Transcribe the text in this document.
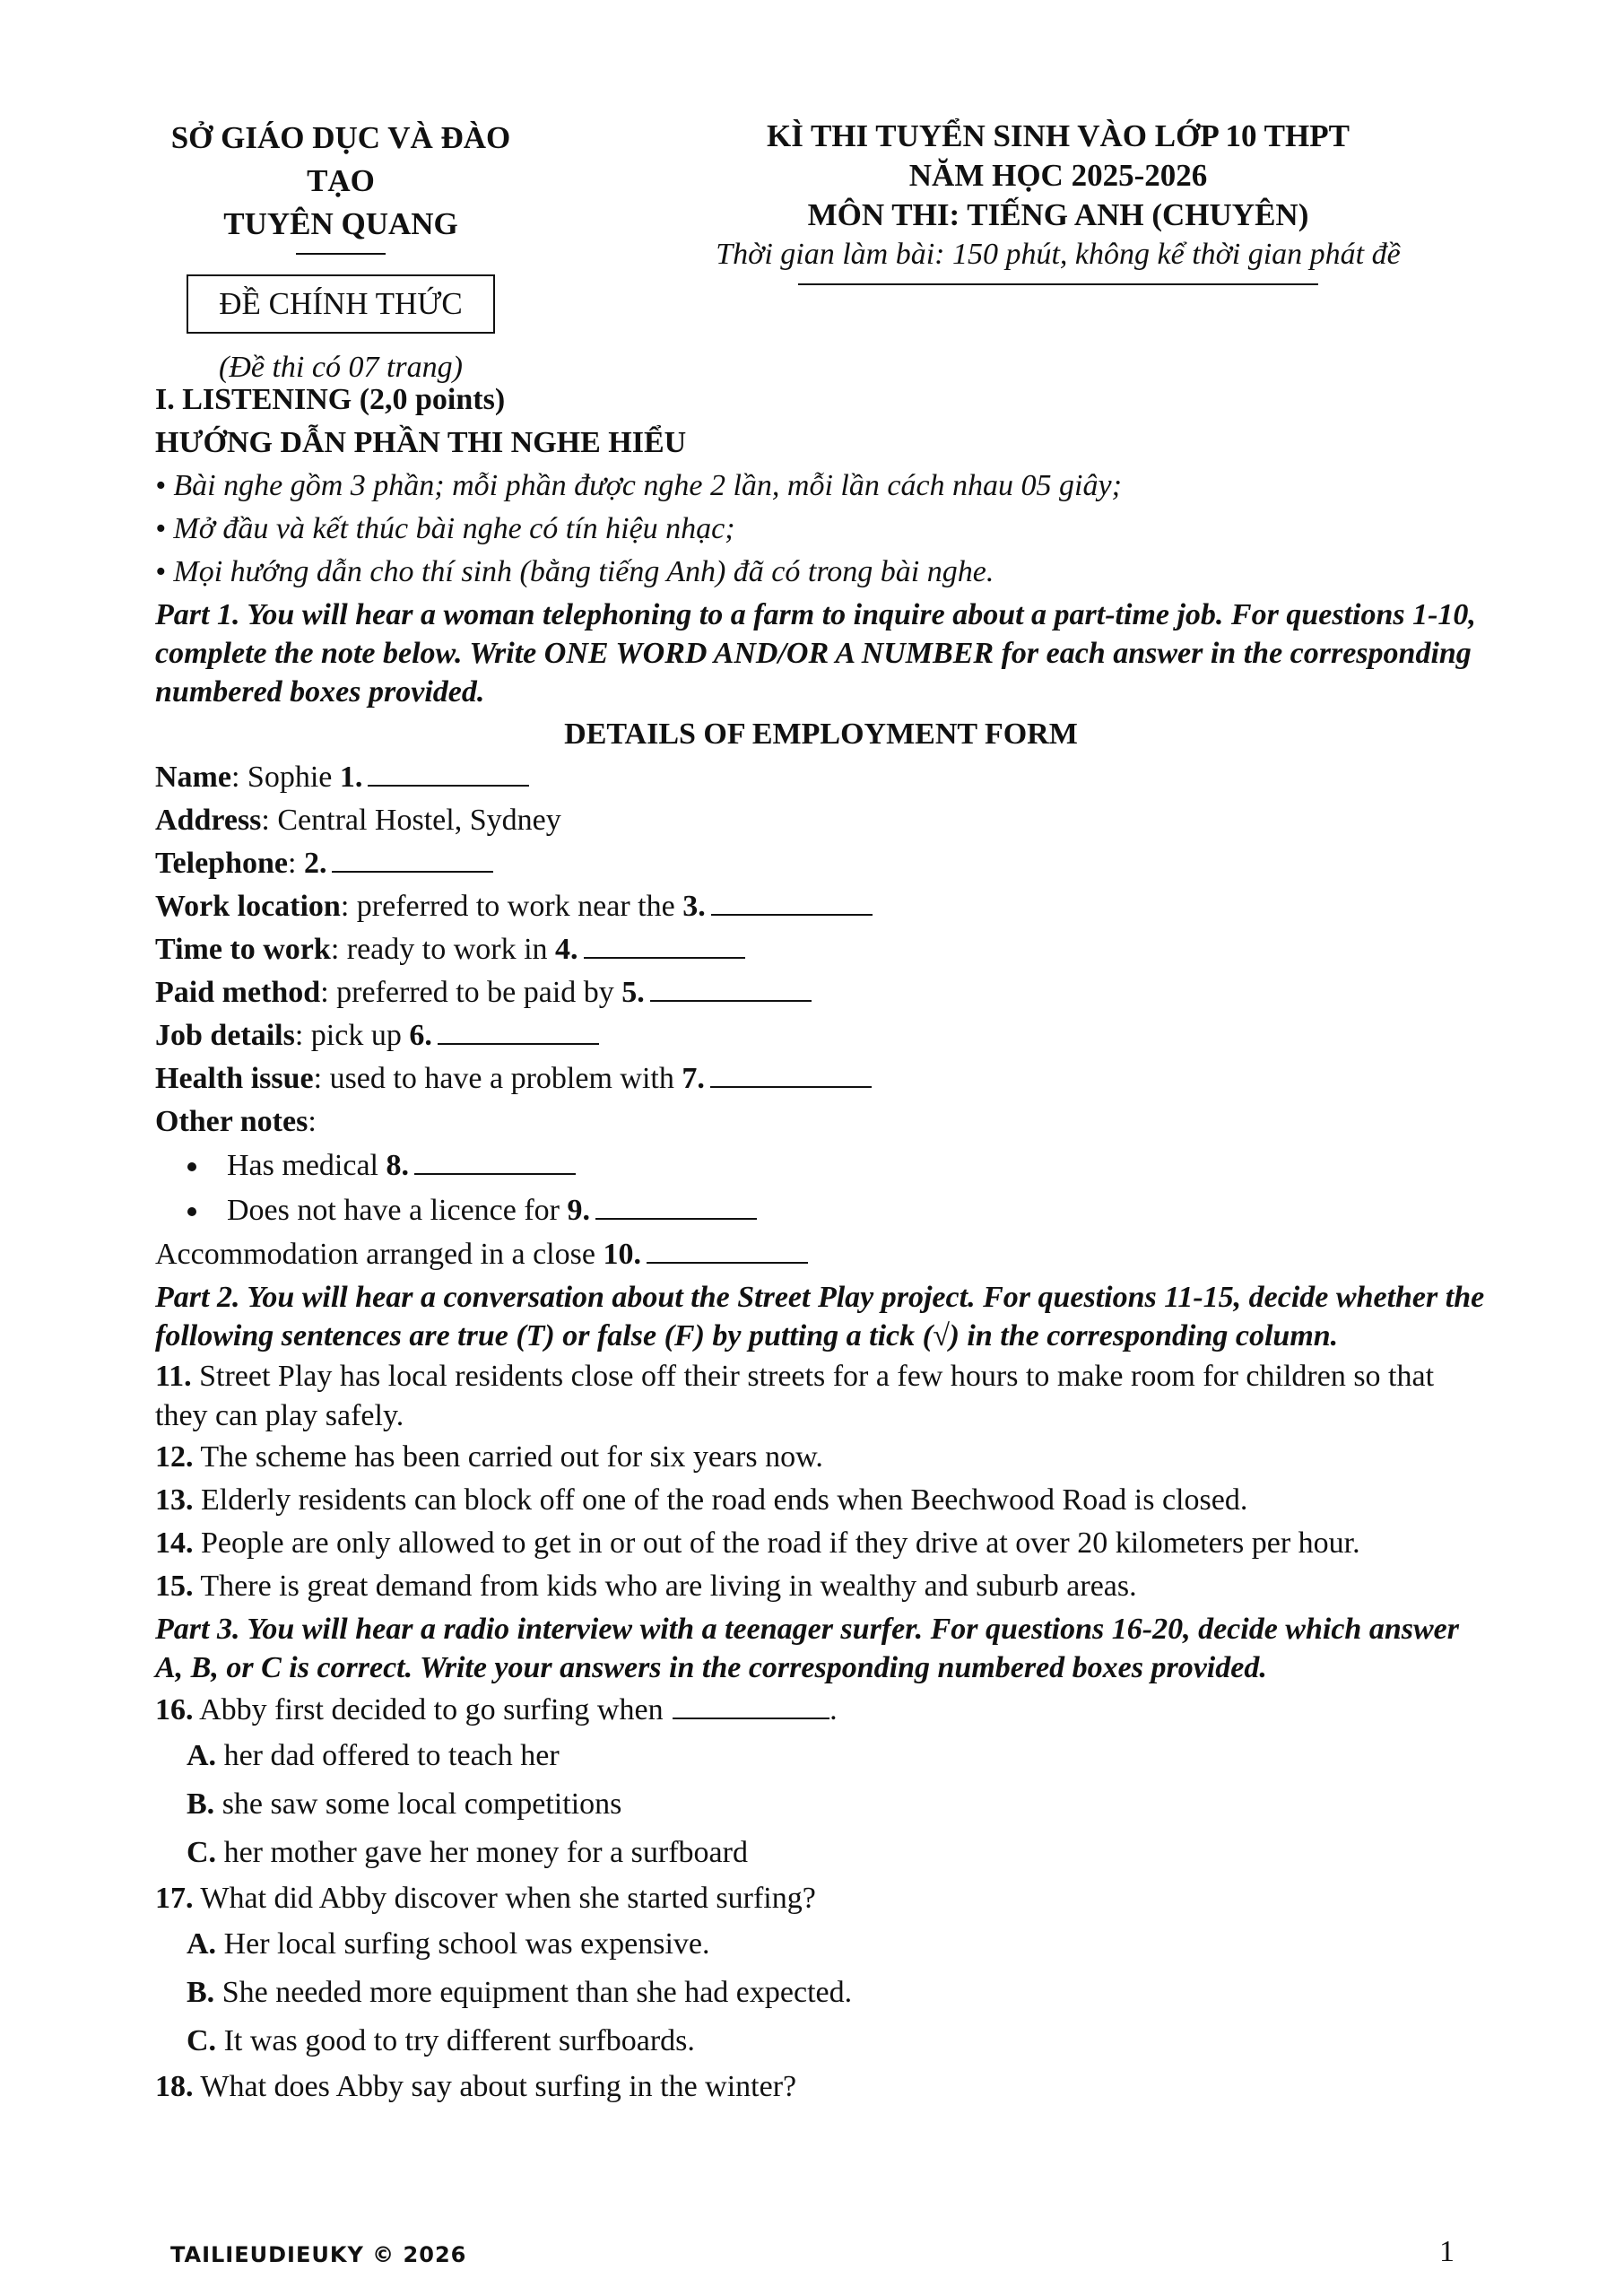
SỞ GIÁO DỤC VÀ ĐÀO TẠO
TUYÊN QUANG
ĐỀ CHÍNH THỨC
(Đề thi có 07 trang)
KÌ THI TUYỂN SINH VÀO LỚP 10 THPT
NĂM HỌC 2025-2026
MÔN THI: TIẾNG ANH (CHUYÊN)
Thời gian làm bài: 150 phút, không kể thời gian phát đề

I. LISTENING (2,0 points)

HƯỚNG DẪN PHẦN THI NGHE HIỂU

• Bài nghe gồm 3 phần; mỗi phần được nghe 2 lần, mỗi lần cách nhau 05 giây;

• Mở đầu và kết thúc bài nghe có tín hiệu nhạc;

• Mọi hướng dẫn cho thí sinh (bằng tiếng Anh) đã có trong bài nghe.

Part 1. You will hear a woman telephoning to a farm to inquire about a part-time job. For questions 1-10, complete the note below. Write ONE WORD AND/OR A NUMBER for each answer in the corresponding numbered boxes provided.

DETAILS OF EMPLOYMENT FORM

Name: Sophie 1.

Address: Central Hostel, Sydney

Telephone: 2.

Work location: preferred to work near the 3.

Time to work: ready to work in 4.

Paid method: preferred to be paid by 5.

Job details: pick up 6.

Health issue: used to have a problem with 7.

Other notes:

• Has medical 8.
• Does not have a licence for 9.

Accommodation arranged in a close 10.

Part 2. You will hear a conversation about the Street Play project. For questions 11-15, decide whether the following sentences are true (T) or false (F) by putting a tick (√) in the corresponding column.

11. Street Play has local residents close off their streets for a few hours to make room for children so that they can play safely.

12. The scheme has been carried out for six years now.

13. Elderly residents can block off one of the road ends when Beechwood Road is closed.

14. People are only allowed to get in or out of the road if they drive at over 20 kilometers per hour.

15. There is great demand from kids who are living in wealthy and suburb areas.

Part 3. You will hear a radio interview with a teenager surfer. For questions 16-20, decide which answer A, B, or C is correct. Write your answers in the corresponding numbered boxes provided.

16. Abby first decided to go surfing when	.

A. her dad offered to teach her

B. she saw some local competitions

C. her mother gave her money for a surfboard

17. What did Abby discover when she started surfing?

A. Her local surfing school was expensive.

B. She needed more equipment than she had expected.

C. It was good to try different surfboards.

18. What does Abby say about surfing in the winter?

TAILIEUDIEUKY © 2026	1
